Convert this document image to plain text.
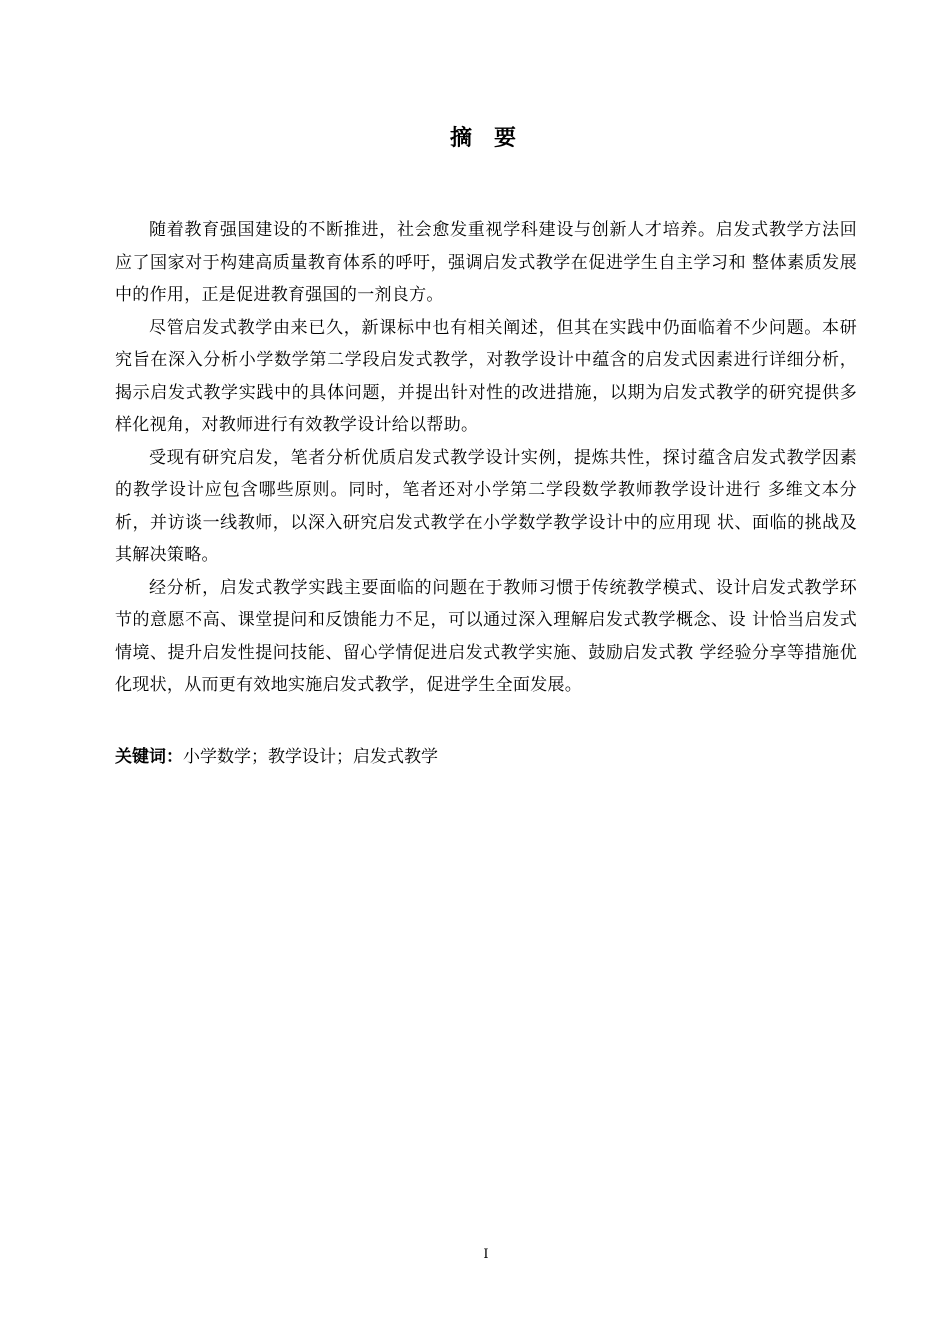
摘　要

随着教育强国建设的不断推进，社会愈发重视学科建设与创新人才培养。启发式教学方法回应了国家对于构建高质量教育体系的呼吁，强调启发式教学在促进学生自主学习和 整体素质发展中的作用，正是促进教育强国的一剂良方。

尽管启发式教学由来已久，新课标中也有相关阐述，但其在实践中仍面临着不少问题。本研究旨在深入分析小学数学第二学段启发式教学，对教学设计中蕴含的启发式因素进行详细分析，揭示启发式教学实践中的具体问题，并提出针对性的改进措施，以期为启发式教学的研究提供多样化视角，对教师进行有效教学设计给以帮助。

受现有研究启发，笔者分析优质启发式教学设计实例，提炼共性，探讨蕴含启发式教学因素的教学设计应包含哪些原则。同时，笔者还对小学第二学段数学教师教学设计进行 多维文本分析，并访谈一线教师，以深入研究启发式教学在小学数学教学设计中的应用现 状、面临的挑战及其解决策略。

经分析，启发式教学实践主要面临的问题在于教师习惯于传统教学模式、设计启发式教学环节的意愿不高、课堂提问和反馈能力不足，可以通过深入理解启发式教学概念、设 计恰当启发式情境、提升启发性提问技能、留心学情促进启发式教学实施、鼓励启发式教 学经验分享等措施优化现状，从而更有效地实施启发式教学，促进学生全面发展。

关键词：小学数学；教学设计；启发式教学
I
